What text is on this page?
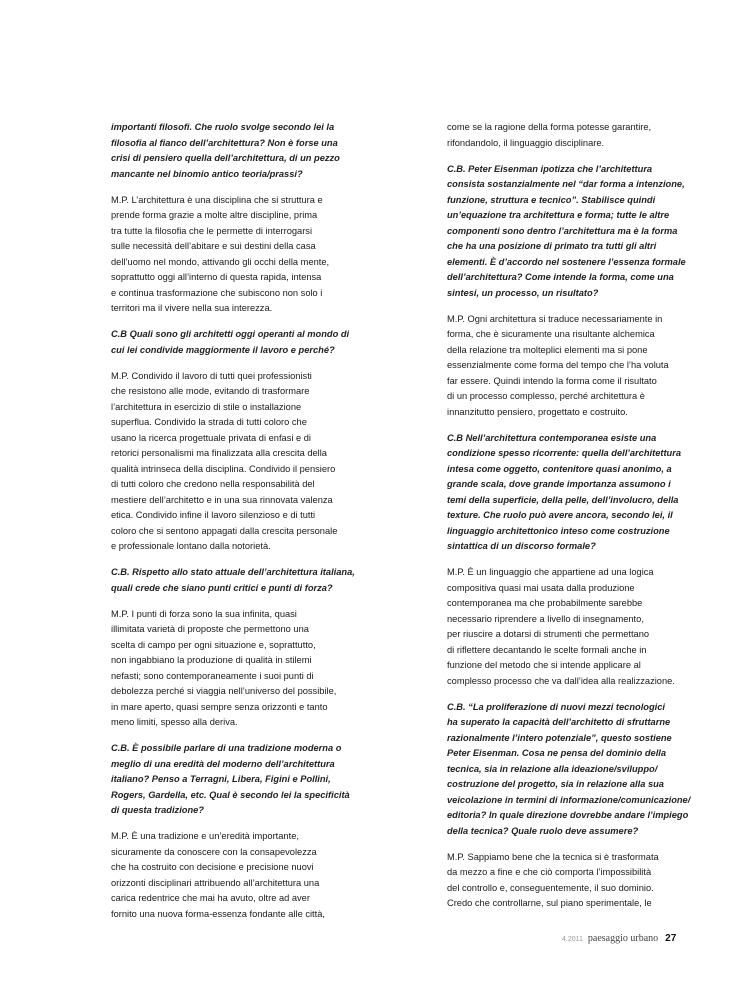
importanti filosofi. Che ruolo svolge secondo lei la
filosofia al fianco dell’architettura? Non è forse una
crisi di pensiero quella dell’architettura, di un pezzo
mancante nel binomio antico teoria/prassi?
M.P. L’architettura è una disciplina che si struttura e
prende forma grazie a molte altre discipline, prima
tra tutte la filosofia che le permette di interrogarsi
sulle necessità dell’abitare e sui destini della casa
dell’uomo nel mondo, attivando gli occhi della mente,
soprattutto oggi all’interno di questa rapida, intensa
e continua trasformazione che subiscono non solo i
territori ma il vivere nella sua interezza.
C.B Quali sono gli architetti oggi operanti al mondo di
cui lei condivide maggiormente il lavoro e perché?
M.P. Condivido il lavoro di tutti quei professionisti
che resistono alle mode, evitando di trasformare
l’architettura in esercizio di stile o installazione
superflua. Condivido la strada di tutti coloro che
usano la ricerca progettuale privata di enfasi e di
retorici personalismi ma finalizzata alla crescita della
qualità intrinseca della disciplina. Condivido il pensiero
di tutti coloro che credono nella responsabilità del
mestiere dell’architetto e in una sua rinnovata valenza
etica. Condivido infine il lavoro silenzioso e di tutti
coloro che si sentono appagati dalla crescita personale
e professionale lontano dalla notorietà.
C.B. Rispetto allo stato attuale dell’architettura italiana,
quali crede che siano punti critici e punti di forza?
M.P. I punti di forza sono la sua infinita, quasi
illimitata varietà di proposte che permettono una
scelta di campo per ogni situazione e, soprattutto,
non ingabbiano la produzione di qualità in stilemi
nefasti; sono contemporaneamente i suoi punti di
debolezza perché si viaggia nell’universo del possibile,
in mare aperto, quasi sempre senza orizzonti e tanto
meno limiti, spesso alla deriva.
C.B. È possibile parlare di una tradizione moderna o
meglio di una eredità del moderno dell’architettura
italiano? Penso a Terragni, Libera, Figini e Pollini,
Rogers, Gardella, etc. Qual è secondo lei la specificità
di questa tradizione?
M.P. È una tradizione e un’eredità importante,
sicuramente da conoscere con la consapevolezza
che ha costruito con decisione e precisione nuovi
orizzonti disciplinari attribuendo all’architettura una
carica redentrice che mai ha avuto, oltre ad aver
fornito una nuova forma-essenza fondante alle città,
come se la ragione della forma potesse garantire,
rifondandolo, il linguaggio disciplinare.
C.B. Peter Eisenman ipotizza che l’architettura
consista sostanzialmente nel “dar forma a intenzione,
funzione, struttura e tecnico”. Stabilisce quindi
un’equazione tra architettura e forma; tutte le altre
componenti sono dentro l’architettura ma è la forma
che ha una posizione di primato tra tutti gli altri
elementi. È d’accordo nel sostenere l’essenza formale
dell’architettura? Come intende la forma, come una
sintesi, un processo, un risultato?
M.P. Ogni architettura si traduce necessariamente in
forma, che è sicuramente una risultante alchemica
della relazione tra molteplici elementi ma si pone
essenzialmente come forma del tempo che l’ha voluta
far essere. Quindi intendo la forma come il risultato
di un processo complesso, perché architettura è
innanzitutto pensiero, progettato e costruito.
C.B Nell’architettura contemporanea esiste una
condizione spesso ricorrente: quella dell’architettura
intesa come oggetto, contenitore quasi anonimo, a
grande scala, dove grande importanza assumono i
temi della superficie, della pelle, dell’involucro, della
texture. Che ruolo può avere ancora, secondo lei, il
linguaggio architettonico inteso come costruzione
sintattica di un discorso formale?
M.P. È un linguaggio che appartiene ad una logica
compositiva quasi mai usata dalla produzione
contemporanea ma che probabilmente sarebbe
necessario riprendere a livello di insegnamento,
per riuscire a dotarsi di strumenti che permettano
di riflettere decantando le scelte formali anche in
funzione del metodo che si intende applicare al
complesso processo che va dall’idea alla realizzazione.
C.B. “La proliferazione di nuovi mezzi tecnologici
ha superato la capacità dell’architetto di sfruttarne
razionalmente l’intero potenziale”, questo sostiene
Peter Eisenman. Cosa ne pensa del dominio della
tecnica, sia in relazione alla ideazione/sviluppo/
costruzione del progetto, sia in relazione alla sua
veicolazione in termini di informazione/comunicazione/
editoria? In quale direzione dovrebbe andare l’impiego
della tecnica? Quale ruolo deve assumere?
M.P. Sappiamo bene che la tecnica si è trasformata
da mezzo a fine e che ciò comporta l’impossibilità
del controllo e, conseguentemente, il suo dominio.
Credo che controllarne, sul piano sperimentale, le
4.2011 paesaggio urbano 27
